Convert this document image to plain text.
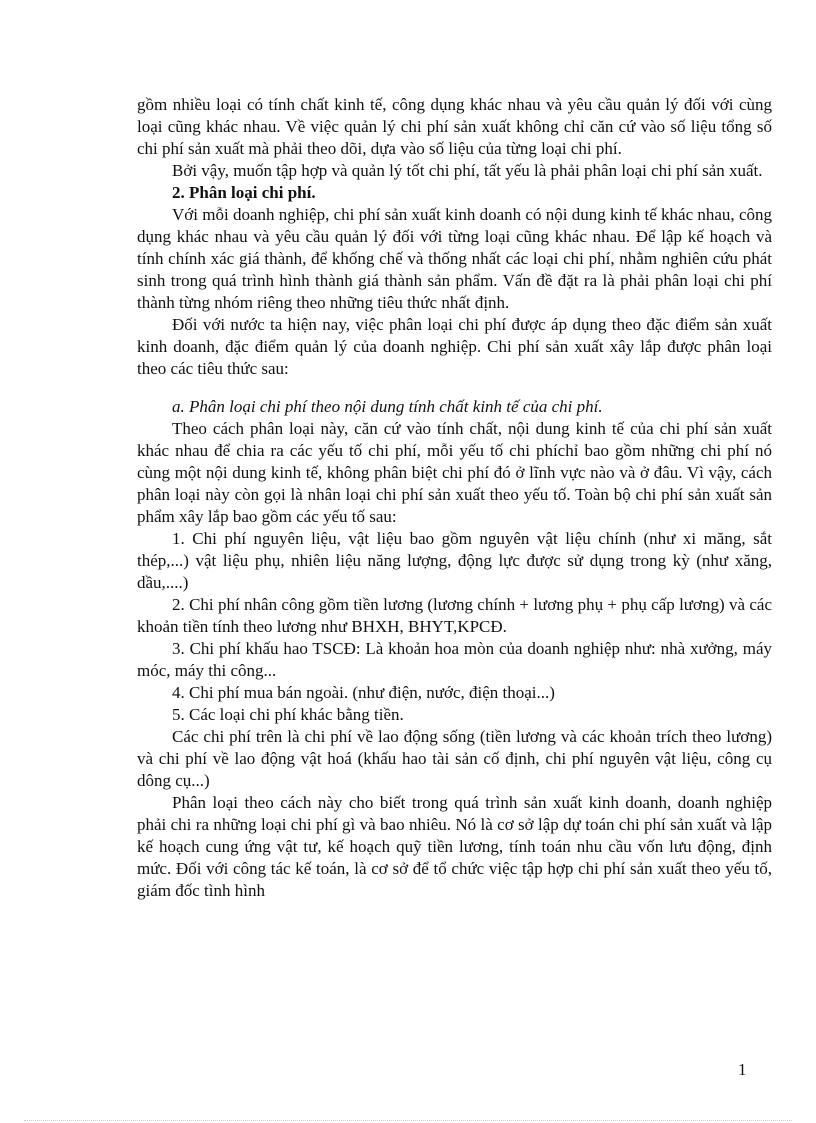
gồm nhiều loại có tính chất kinh tế, công dụng khác nhau và yêu cầu quản lý đối với cùng loại cũng khác nhau. Về việc quản lý chi phí sản xuất không chỉ căn cứ vào số liệu tổng số chi phí sản xuất mà phải theo dõi, dựa vào số liệu của từng loại chi phí.

Bởi vậy, muốn tập hợp và quản lý tốt chi phí, tất yếu là phải phân loại chi phí sản xuất.

2. Phân loại chi phí.

Với mỗi doanh nghiệp, chi phí sản xuất kinh doanh có nội dung kinh tế khác nhau, công dụng khác nhau và yêu cầu quản lý đối với từng loại cũng khác nhau. Để lập kế hoạch và tính chính xác giá thành, để khống chế và thống nhất các loại chi phí, nhằm nghiên cứu phát sinh trong quá trình hình thành giá thành sản phẩm. Vấn đề đặt ra là phải phân loại chi phí thành từng nhóm riêng theo những tiêu thức nhất định.

Đối với nước ta hiện nay, việc phân loại chi phí được áp dụng theo đặc điểm sản xuất kinh doanh, đặc điểm quản lý của doanh nghiệp. Chi phí sản xuất xây lắp được phân loại theo các tiêu thức sau:

a. Phân loại chi phí theo nội dung tính chất kinh tế của chi phí.

Theo cách phân loại này, căn cứ vào tính chất, nội dung kinh tế của chi phí sản xuất khác nhau để chia ra các yếu tố chi phí, mỗi yếu tố chi phíchỉ bao gồm những chi phí nó cùng một nội dung kinh tế, không phân biệt chi phí đó ở lĩnh vực nào và ở đâu. Vì vậy, cách phân loại này còn gọi là nhân loại chi phí sản xuất theo yếu tố. Toàn bộ chi phí sản xuất sản phẩm xây lắp bao gồm các yếu tố sau:

1. Chi phí nguyên liệu, vật liệu bao gồm nguyên vật liệu chính (như xi măng, sắt thép,...) vật liệu phụ, nhiên liệu năng lượng, động lực được sử dụng trong kỳ (như xăng, dầu,....)

2. Chi phí nhân công gồm tiền lương (lương chính + lương phụ + phụ cấp lương) và các khoản tiền tính theo lương như BHXH, BHYT,KPCĐ.

3. Chi phí khấu hao TSCĐ: Là khoản hoa mòn của doanh nghiệp như: nhà xưởng, máy móc, máy thi công...

4. Chi phí mua bán ngoài. (như điện, nước, điện thoại...)

5. Các loại chi phí khác bằng tiền.

Các chi phí trên là chi phí về lao động sống (tiền lương và các khoản trích theo lương) và chi phí về lao động vật hoá (khấu hao tài sản cố định, chi phí nguyên vật liệu, công cụ dông cụ...)

Phân loại theo cách này cho biết trong quá trình sản xuất kinh doanh, doanh nghiệp phải chi ra những loại chi phí gì và bao nhiêu. Nó là cơ sở lập dự toán chi phí sản xuất và lập kế hoạch cung ứng vật tư, kế hoạch quỹ tiền lương, tính toán nhu cầu vốn lưu động, định mức. Đối với công tác kế toán, là cơ sở để tổ chức việc tập hợp chi phí sản xuất theo yếu tố, giám đốc tình hình

1
